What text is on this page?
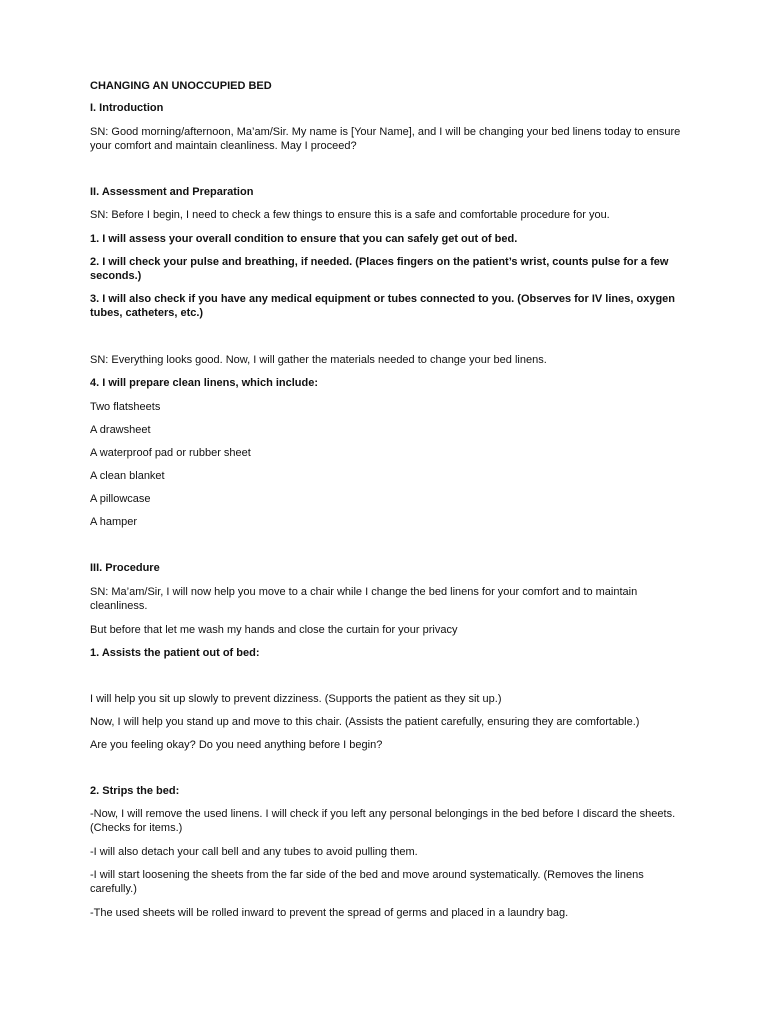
CHANGING AN UNOCCUPIED BED

I. Introduction

SN: Good morning/afternoon, Ma’am/Sir. My name is [Your Name], and I will be changing your bed linens today to ensure your comfort and maintain cleanliness. May I proceed?

II. Assessment and Preparation

SN: Before I begin, I need to check a few things to ensure this is a safe and comfortable procedure for you.

1. I will assess your overall condition to ensure that you can safely get out of bed.

2. I will check your pulse and breathing, if needed. (Places fingers on the patient’s wrist, counts pulse for a few seconds.)

3. I will also check if you have any medical equipment or tubes connected to you. (Observes for IV lines, oxygen tubes, catheters, etc.)

SN: Everything looks good. Now, I will gather the materials needed to change your bed linens.

4. I will prepare clean linens, which include:

Two flatsheets

A drawsheet

A waterproof pad or rubber sheet

A clean blanket

A pillowcase

A hamper

III. Procedure

SN: Ma’am/Sir, I will now help you move to a chair while I change the bed linens for your comfort and to maintain cleanliness.

But before that let me wash my hands and close the curtain for your privacy

1. Assists the patient out of bed:

I will help you sit up slowly to prevent dizziness. (Supports the patient as they sit up.)

Now, I will help you stand up and move to this chair. (Assists the patient carefully, ensuring they are comfortable.)

Are you feeling okay? Do you need anything before I begin?

2. Strips the bed:

-Now, I will remove the used linens. I will check if you left any personal belongings in the bed before I discard the sheets. (Checks for items.)

-I will also detach your call bell and any tubes to avoid pulling them.

-I will start loosening the sheets from the far side of the bed and move around systematically. (Removes the linens carefully.)

-The used sheets will be rolled inward to prevent the spread of germs and placed in a laundry bag.
